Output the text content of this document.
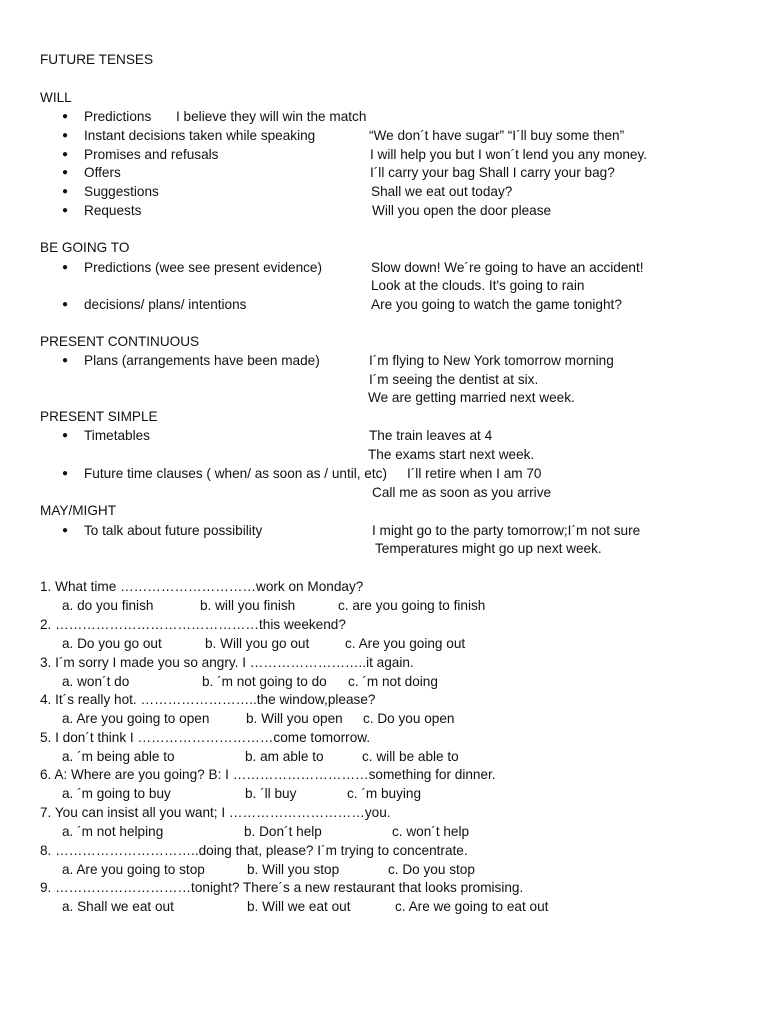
FUTURE TENSES
WILL
● Predictions I believe they will win the match
● Instant decisions taken while speaking	“We don´t have sugar” “I´ll buy some then”
● Promises and refusals	I will help you but I won´t lend you any money.
● Offers	I´ll carry your bag Shall I carry your bag?
● Suggestions	Shall we eat out today?
● Requests	Will you open the door please
BE GOING TO
● Predictions (wee see present evidence)	Slow down! We´re going to have an accident!
Look at the clouds. It's going to rain
● decisions/ plans/ intentions	Are you going to watch the game tonight?
PRESENT CONTINUOUS
● Plans (arrangements have been made)	I´m flying to New York tomorrow morning
I´m seeing the dentist at six.
We are getting married next week.
PRESENT SIMPLE
● Timetables	The train leaves at 4
The exams start next week.
● Future time clauses ( when/ as soon as / until, etc) I´ll retire when I am 70
Call me as soon as you arrive
MAY/MIGHT
● To talk about future possibility	I might go to the party tomorrow;I´m not sure
Temperatures might go up next week.
1. What time …………………………work on Monday?
a. do you finish	b. will you finish	c. are you going to finish
2. ………………………………………this weekend?
a. Do you go out	b. Will you go out	c. Are you going out
3. I´m sorry I made you so angry. I ……………………..it again.
a. won´t do	b. ´m not going to do c. ´m not doing
4. It´s really hot. ……………………..the window,please?
a. Are you going to open	b. Will you open c. Do you open
5. I don´t think I …………………………come tomorrow.
a. ´m being able to	b. am able to	c. will be able to
6. A: Where are you going? B: I …………………………something for dinner.
a. ´m going to buy	b. ´ll buy	c. ´m buying
7. You can insist all you want; I …………………………you.
a. ´m not helping	b. Don´t help	c. won´t help
8. …………………………..doing that, please? I´m trying to concentrate.
a. Are you going to stop	b. Will you stop	c. Do you stop
9. …………………………tonight? There´s a new restaurant that looks promising.
a. Shall we eat out	b. Will we eat out	c. Are we going to eat out
